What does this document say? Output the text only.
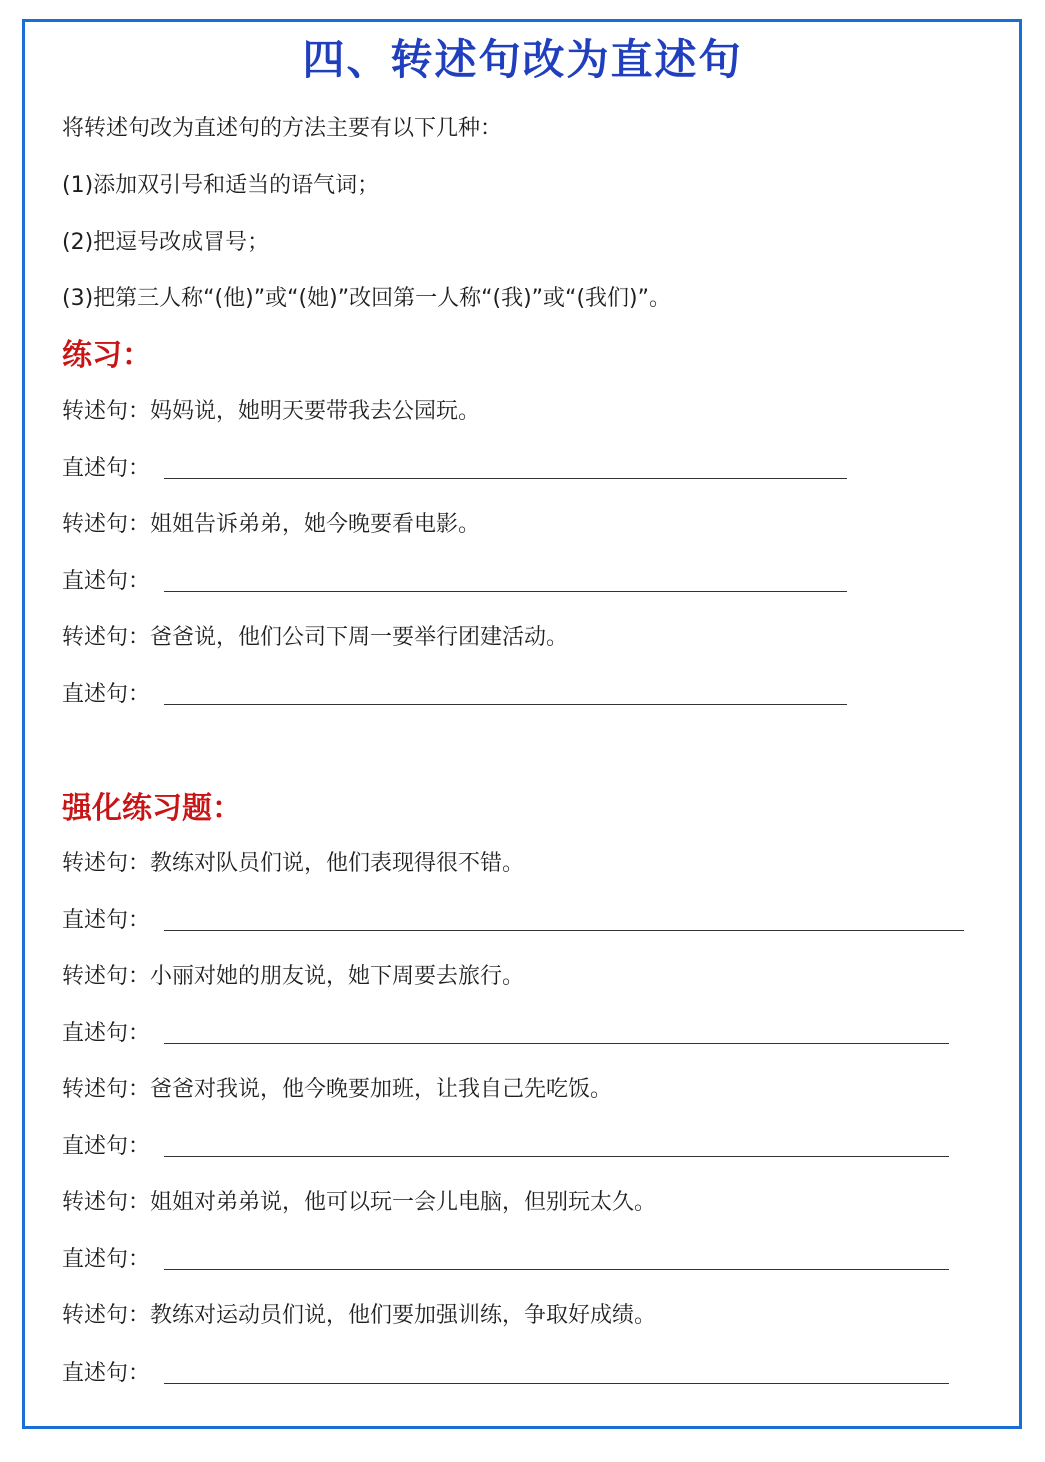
四、转述句改为直述句
将转述句改为直述句的方法主要有以下几种：
(1)添加双引号和适当的语气词；
(2)把逗号改成冒号；
(3)把第三人称“(他)”或“(她)”改回第一人称“(我)”或“(我们)”。
练习：
转述句：妈妈说，她明天要带我去公园玩。
直述句：
转述句：姐姐告诉弟弟，她今晚要看电影。
直述句：
转述句：爸爸说，他们公司下周一要举行团建活动。
直述句：
强化练习题：
转述句：教练对队员们说，他们表现得很不错。
直述句：
转述句：小丽对她的朋友说，她下周要去旅行。
直述句：
转述句：爸爸对我说，他今晚要加班，让我自己先吃饭。
直述句：
转述句：姐姐对弟弟说，他可以玩一会儿电脑，但别玩太久。
直述句：
转述句：教练对运动员们说，他们要加强训练，争取好成绩。
直述句：
